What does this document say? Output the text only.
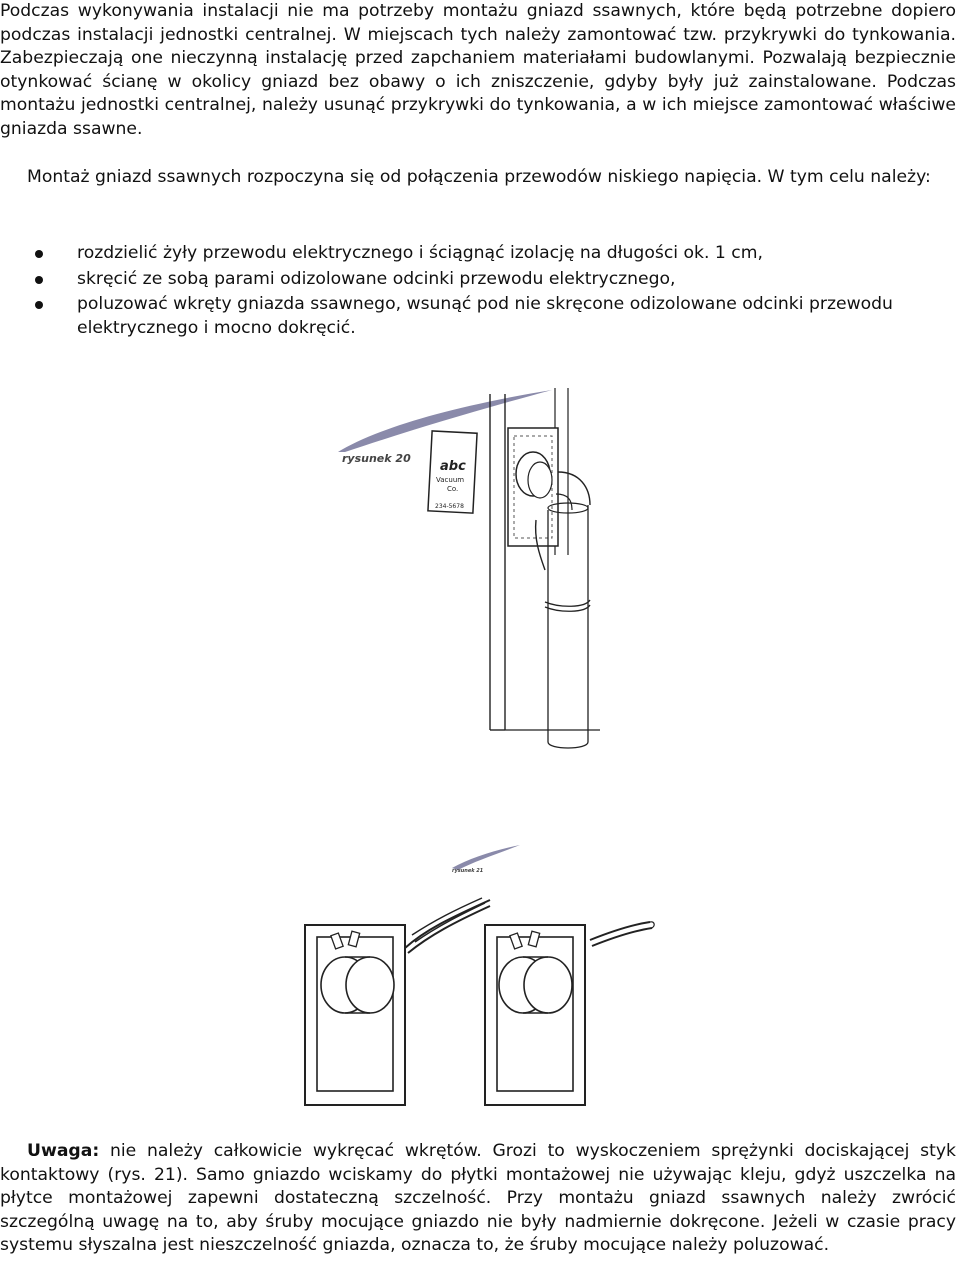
Podczas wykonywania instalacji nie ma potrzeby montażu gniazd ssawnych, które będą potrzebne dopiero podczas instalacji jednostki centralnej. W miejscach tych należy zamontować tzw. przykrywki do tynkowania. Zabezpieczają one nieczynną instalację przed zapchaniem materiałami budowlanymi. Pozwalają bezpiecznie otynkować ścianę w okolicy gniazd bez obawy o ich zniszczenie, gdyby były już zainstalowane. Podczas montażu jednostki centralnej, należy usunąć przykrywki do tynkowania, a w ich miejsce zamontować właściwe gniazda ssawne.

Montaż gniazd ssawnych rozpoczyna się od połączenia przewodów niskiego napięcia. W tym celu należy:

rozdzielić żyły przewodu elektrycznego i ściągnąć izolację na długości ok. 1 cm,
skręcić ze sobą parami odizolowane odcinki przewodu elektrycznego,
poluzować wkręty gniazda ssawnego, wsunąć pod nie skręcone odizolowane odcinki przewodu elektrycznego i mocno dokręcić.
rysunek 20
abc
Vacuum
Co.
234-5678
rysunek 21

Uwaga: nie należy całkowicie wykręcać wkrętów. Grozi to wyskoczeniem sprężynki dociskającej styk kontaktowy (rys. 21). Samo gniazdo wciskamy do płytki montażowej nie używając kleju, gdyż uszczelka na płytce montażowej zapewni dostateczną szczelność. Przy montażu gniazd ssawnych należy zwrócić szczególną uwagę na to, aby śruby mocujące gniazdo nie były nadmiernie dokręcone. Jeżeli w czasie pracy systemu słyszalna jest nieszczelność gniazda, oznacza to, że śruby mocujące należy poluzować.
